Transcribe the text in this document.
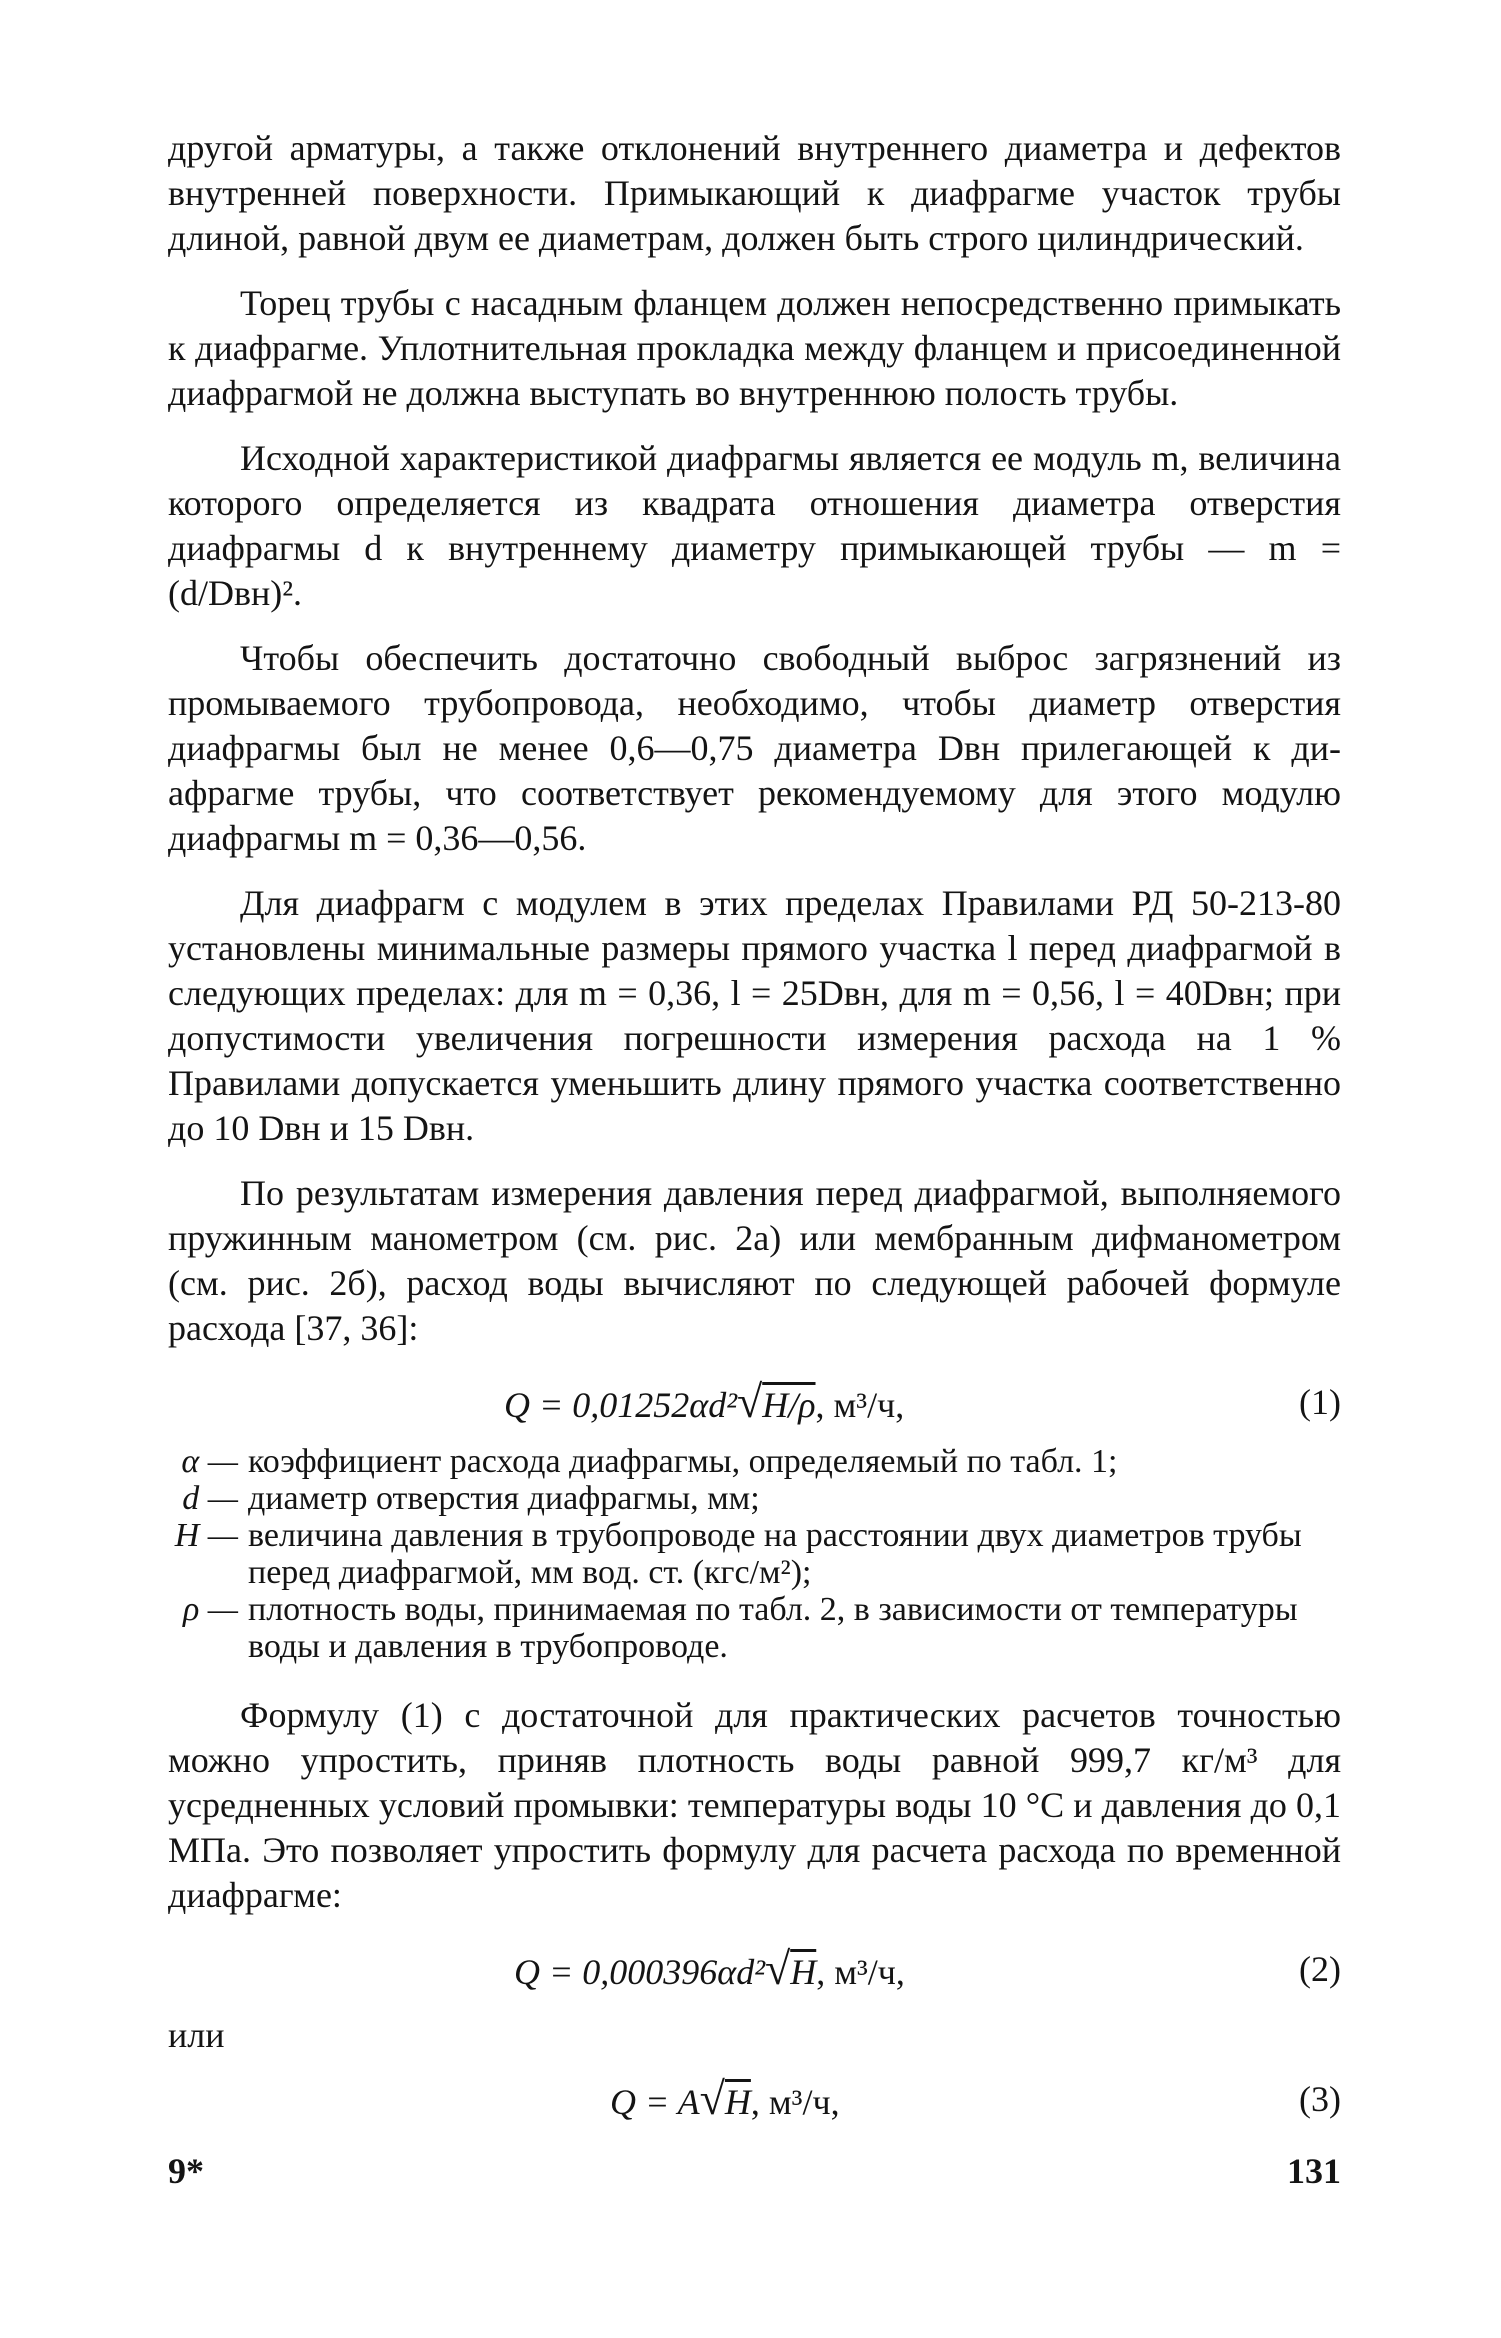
другой арматуры, а также отклонений внутреннего диаметра и дефектов внутренней поверхности. Примыкающий к диафрагме участок трубы длиной, равной двум ее диаметрам, должен быть строго цилиндрический.

Торец трубы с насадным фланцем должен непосредственно примыкать к диафрагме. Уплотнительная прокладка между фланцем и присоединенной диафрагмой не должна выступать во внутреннюю полость трубы.

Исходной характеристикой диафрагмы является ее модуль m, величина которого определяется из квадрата отношения диаметра отверстия диафрагмы d к внутреннему диаметру примыкающей трубы — m = (d/Dвн)².

Чтобы обеспечить достаточно свободный выброс загрязнений из промываемого трубопровода, необходимо, чтобы диаметр отверстия диафрагмы был не менее 0,6—0,75 диаметра Dвн прилегающей к диафрагме трубы, что соответствует рекомендуемому для этого модулю диафрагмы m = 0,36—0,56.

Для диафрагм с модулем в этих пределах Правилами РД 50-213-80 установлены минимальные размеры прямого участка l перед диафрагмой в следующих пределах: для m = 0,36, l = 25Dвн, для m = 0,56, l = 40Dвн; при допустимости увеличения погрешности измерения расхода на 1 % Правилами допускается уменьшить длину прямого участка соответственно до 10 Dвн и 15 Dвн.

По результатам измерения давления перед диафрагмой, выполняемого пружинным манометром (см. рис. 2а) или мембранным дифманометром (см. рис. 2б), расход воды вычисляют по следующей рабочей формуле расхода [37, 36]:

Q = 0,01252αd²√H/ρ, м³/ч,	(1)
α — коэффициент расхода диафрагмы, определяемый по табл. 1;
d — диаметр отверстия диафрагмы, мм;
H — величина давления в трубопроводе на расстоянии двух диаметров трубы перед диафрагмой, мм вод. ст. (кгс/м²);
ρ — плотность воды, принимаемая по табл. 2, в зависимости от температуры воды и давления в трубопроводе.

Формулу (1) с достаточной для практических расчетов точностью можно упростить, приняв плотность воды равной 999,7 кг/м³ для усредненных условий промывки: температуры воды 10 °С и давления до 0,1 МПа. Это позволяет упростить формулу для расчета расхода по временной диафрагме:

Q = 0,000396αd²√H, м³/ч,	(2)
или
Q = A√H, м³/ч,	(3)
9*	131
